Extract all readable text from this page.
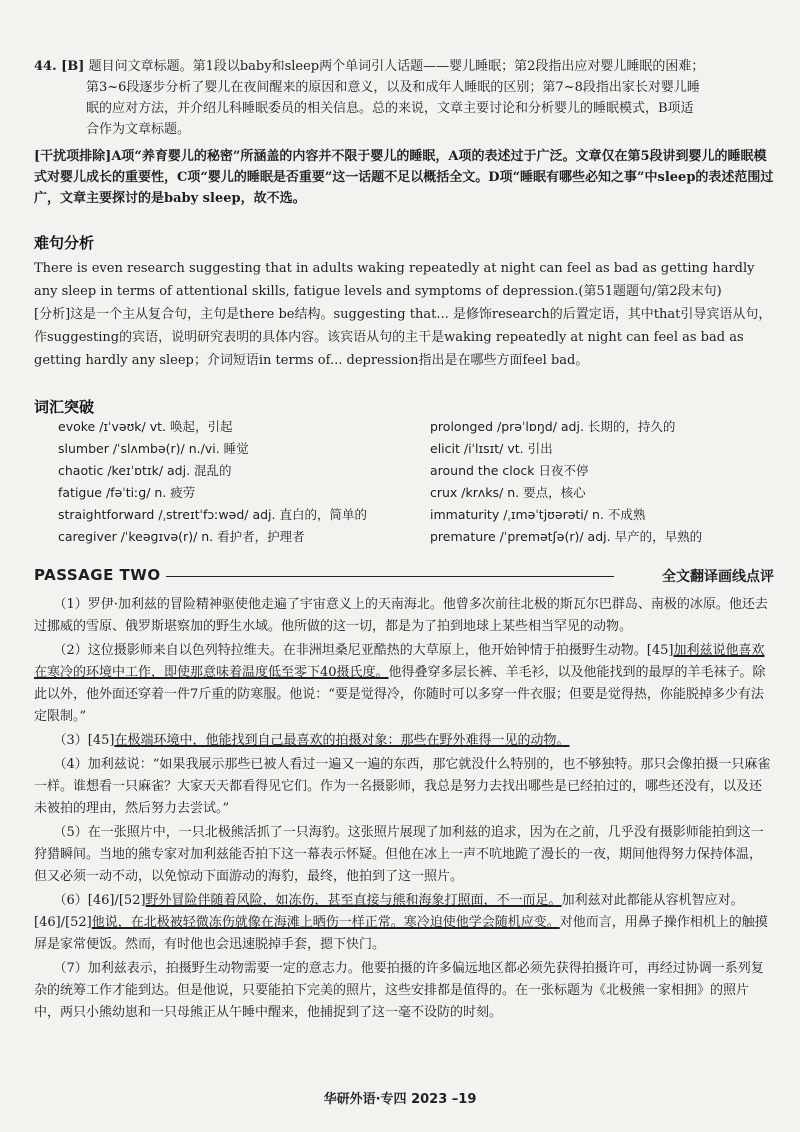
44. [B] 题目问文章标题。第1段以baby和sleep两个单词引人话题——婴儿睡眠；第2段指出应对婴儿睡眠的困难；
第3~6段逐步分析了婴儿在夜间醒来的原因和意义，以及和成年人睡眠的区别；第7~8段指出家长对婴儿睡
眠的应对方法，并介绍儿科睡眠委员的相关信息。总的来说，文章主要讨论和分析婴儿的睡眠模式，B项适
合作为文章标题。
[干扰项排除]A项“养育婴儿的秘密”所涵盖的内容并不限于婴儿的睡眠，A项的表述过于广泛。文章仅在第5段讲到婴儿的睡眠模式对婴儿成长的重要性，C项“婴儿的睡眠是否重要”这一话题不足以概括全文。D项“睡眠有哪些必知之事”中sleep的表述范围过广，文章主要探讨的是baby sleep，故不选。
难句分析
There is even research suggesting that in adults waking repeatedly at night can feel as bad as getting hardly any sleep in terms of attentional skills, fatigue levels and symptoms of depression.(第51题题句/第2段末句)
[分析]这是一个主从复合句，主句是there be结构。suggesting that... 是修饰research的后置定语，其中that引导宾语从句，作suggesting的宾语，说明研究表明的具体内容。该宾语从句的主干是waking repeatedly at night can feel as bad as getting hardly any sleep；介词短语in terms of... depression指出是在哪些方面feel bad。
词汇突破
evoke /ɪˈvəʊk/ vt. 唤起，引起
slumber /ˈslʌmbə(r)/ n./vi. 睡觉
chaotic /keɪˈɒtɪk/ adj. 混乱的
fatigue /fəˈtiːɡ/ n. 疲劳
straightforward /ˌstreɪtˈfɔːwəd/ adj. 直白的，简单的
caregiver /ˈkeəɡɪvə(r)/ n. 看护者，护理者
prolonged /prəˈlɒŋd/ adj. 长期的，持久的
elicit /iˈlɪsɪt/ vt. 引出
around the clock 日夜不停
crux /krʌks/ n. 要点，核心
immaturity /ˌɪməˈtjʊərəti/ n. 不成熟
premature /ˈpremətʃə(r)/ adj. 早产的，早熟的
PASSAGE TWO	全文翻译画线点评

（1）罗伊·加利兹的冒险精神驱使他走遍了宇宙意义上的天南海北。他曾多次前往北极的斯瓦尔巴群岛、南极的冰原。他还去过挪威的雪原、俄罗斯堪察加的野生水域。他所做的这一切，都是为了拍到地球上某些相当罕见的动物。

（2）这位摄影师来自以色列特拉维夫。在非洲坦桑尼亚酷热的大草原上，他开始钟情于拍摄野生动物。[45]加利兹说他喜欢在寒冷的环境中工作，即使那意味着温度低至零下40摄氏度。他得叠穿多层长裤、羊毛衫，以及他能找到的最厚的羊毛袜子。除此以外，他外面还穿着一件7斤重的防寒服。他说：“要是觉得冷，你随时可以多穿一件衣服；但要是觉得热，你能脱掉多少有法定限制。”

（3）[45]在极端环境中，他能找到自己最喜欢的拍摄对象：那些在野外难得一见的动物。

（4）加利兹说：“如果我展示那些已被人看过一遍又一遍的东西，那它就没什么特别的，也不够独特。那只会像拍摄一只麻雀一样。谁想看一只麻雀？大家天天都看得见它们。作为一名摄影师，我总是努力去找出哪些是已经拍过的，哪些还没有，以及还未被拍的理由，然后努力去尝试。”

（5）在一张照片中，一只北极熊活抓了一只海豹。这张照片展现了加利兹的追求，因为在之前，几乎没有摄影师能拍到这一狩猎瞬间。当地的熊专家对加利兹能否拍下这一幕表示怀疑。但他在冰上一声不吭地跪了漫长的一夜，期间他得努力保持体温，但又必须一动不动，以免惊动下面游动的海豹，最终，他拍到了这一照片。

（6）[46]/[52]野外冒险伴随着风险，如冻伤，甚至直接与熊和海象打照面，不一而足。加利兹对此都能从容机智应对。[46]/[52]他说，在北极被轻微冻伤就像在海滩上晒伤一样正常。寒冷迫使他学会随机应变。对他而言，用鼻子操作相机上的触摸屏是家常便饭。然而，有时他也会迅速脱掉手套，摁下快门。

（7）加利兹表示，拍摄野生动物需要一定的意志力。他要拍摄的许多偏远地区都必须先获得拍摄许可，再经过协调一系列复杂的统筹工作才能到达。但是他说，只要能拍下完美的照片，这些安排都是值得的。在一张标题为《北极熊一家相拥》的照片中，两只小熊幼崽和一只母熊正从午睡中醒来，他捕捉到了这一毫不设防的时刻。

华研外语·专四 2023 –19
